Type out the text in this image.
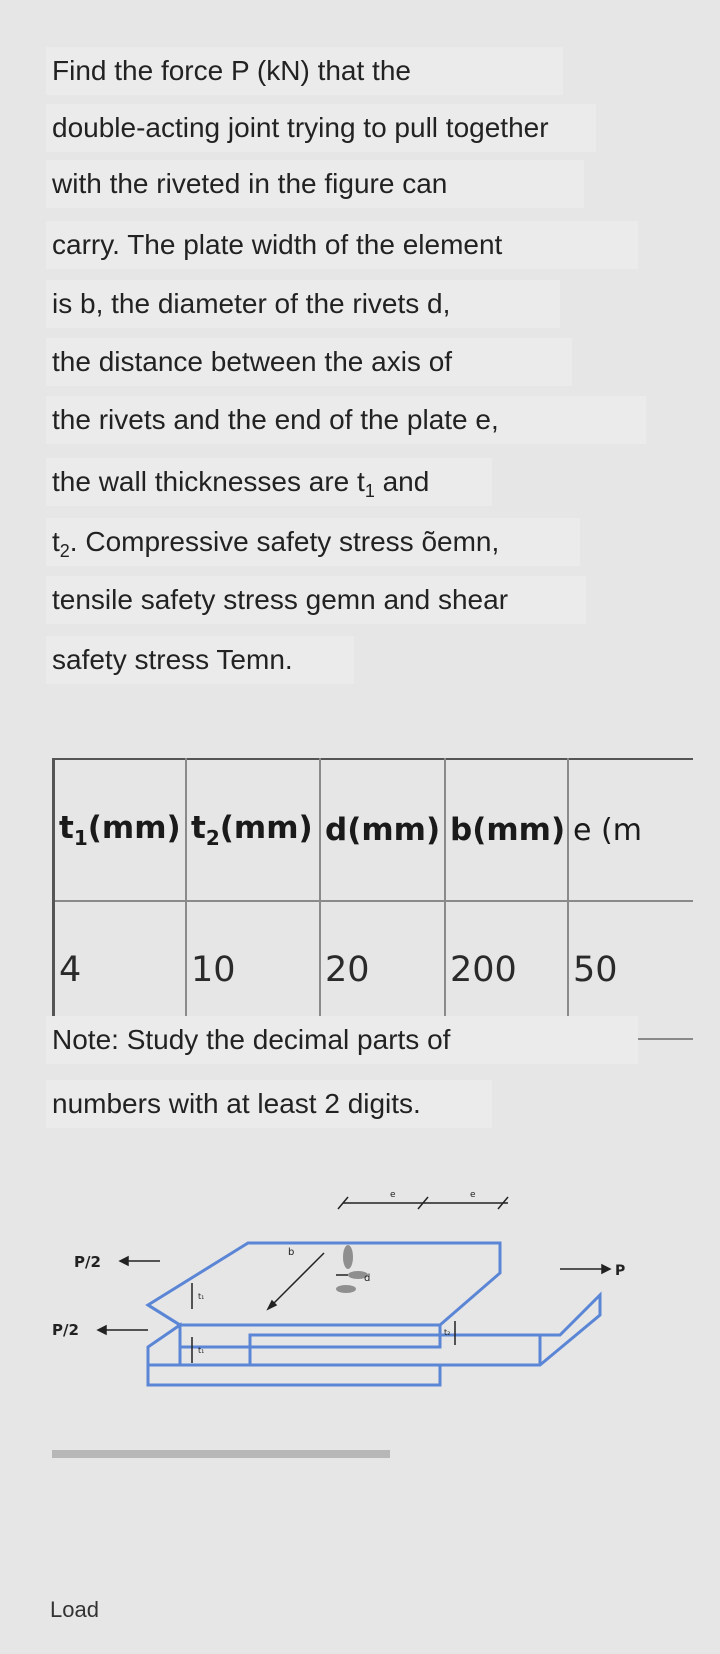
Find the force P (kN) that the
double-acting joint trying to pull together
with the riveted in the figure can
carry. The plate width of the element
is b, the diameter of the rivets d,
the distance between the axis of
the rivets and the end of the plate e,
the wall thicknesses are $t_1$ and
$t_2$. Compressive safety stress õemn,
tensile safety stress gemn and shear
safety stress Temn.
$t_1(mm)$	$t_2(mm)$	d(mm)	b(mm)	e (m
4	10	20	200	50
Note: Study the decimal parts of
numbers with at least 2 digits.
P/2
P/2
P
b
d
e	e
t₁
t₁
t₂
Load
